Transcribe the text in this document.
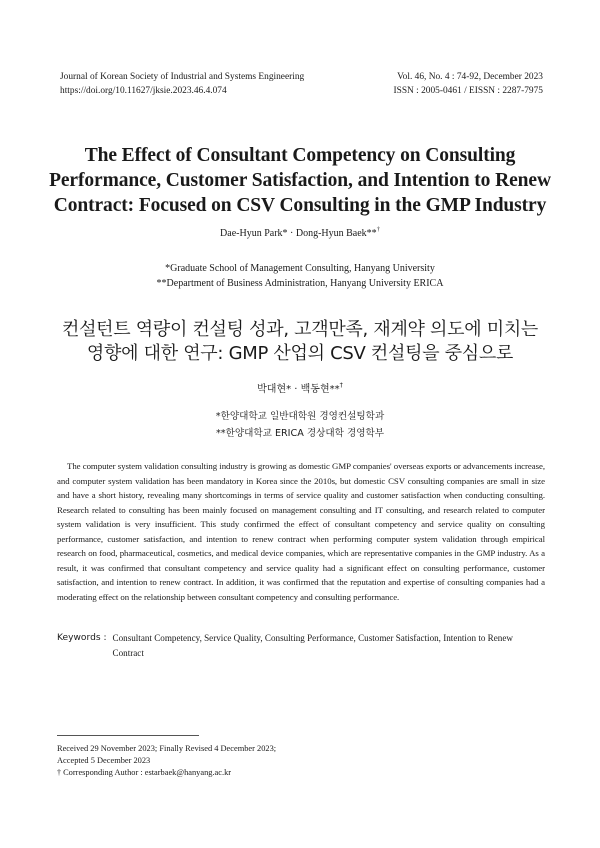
Journal of Korean Society of Industrial and Systems Engineering
https://doi.org/10.11627/jksie.2023.46.4.074
Vol. 46, No. 4 : 74-92, December 2023
ISSN : 2005-0461 / EISSN : 2287-7975
The Effect of Consultant Competency on Consulting
Performance, Customer Satisfaction, and Intention to Renew
Contract: Focused on CSV Consulting in the GMP Industry
Dae-Hyun Park* · Dong-Hyun Baek**†
*Graduate School of Management Consulting, Hanyang University
**Department of Business Administration, Hanyang University ERICA
컨설턴트 역량이 컨설팅 성과, 고객만족, 재계약 의도에 미치는
영향에 대한 연구: GMP 산업의 CSV 컨설팅을 중심으로
박대현* · 백동현**†
*한양대학교 일반대학원 경영컨설팅학과
**한양대학교 ERICA 경상대학 경영학부
The computer system validation consulting industry is growing as domestic GMP companies' overseas exports or advancements increase, and computer system validation has been mandatory in Korea since the 2010s, but domestic CSV consulting companies are small in size and have a short history, revealing many shortcomings in terms of service quality and customer satisfaction when conducting consulting. Research related to consulting has been mainly focused on management consulting and IT consulting, and research related to computer system validation is very insufficient. This study confirmed the effect of consultant competency and service quality on consulting performance, customer satisfaction, and intention to renew contract when performing computer system validation through empirical research on food, pharmaceutical, cosmetics, and medical device companies, which are representative companies in the GMP industry. As a result, it was confirmed that consultant competency and service quality had a significant effect on consulting performance, customer satisfaction, and intention to renew contract. In addition, it was confirmed that the reputation and expertise of consulting companies had a moderating effect on the relationship between consultant competency and consulting performance.
Keywords : Consultant Competency, Service Quality, Consulting Performance, Customer Satisfaction, Intention to Renew Contract
Received 29 November 2023; Finally Revised 4 December 2023;
Accepted 5 December 2023
† Corresponding Author : estarbaek@hanyang.ac.kr
